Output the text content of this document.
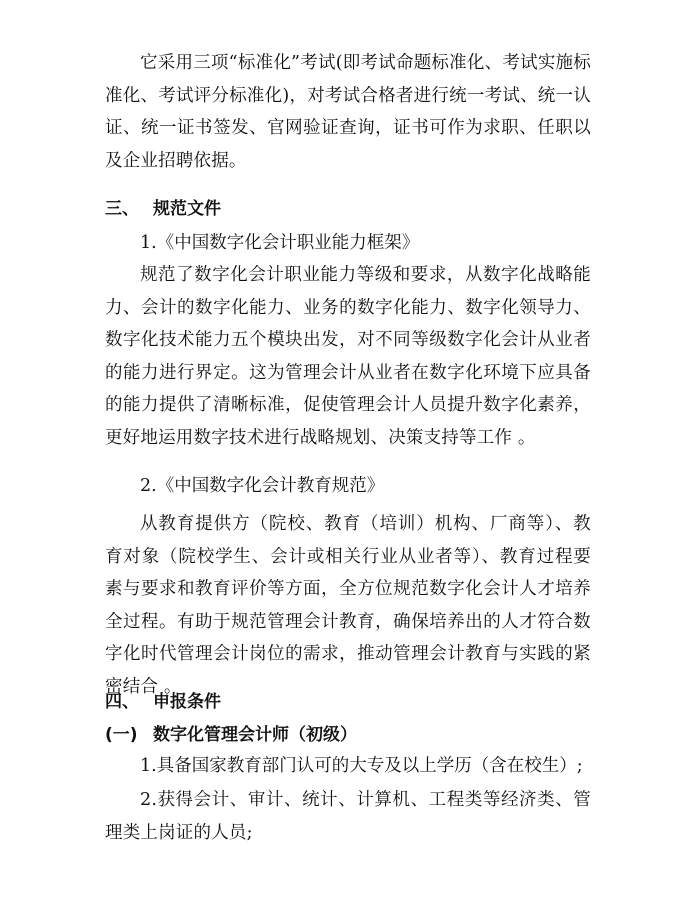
它采用三项“标准化”考试(即考试命题标准化、考试实施标准化、考试评分标准化)，对考试合格者进行统一考试、统一认证、统一证书签发、官网验证查询，证书可作为求职、任职以及企业招聘依据。

三、 规范文件

1.《中国数字化会计职业能力框架》

规范了数字化会计职业能力等级和要求，从数字化战略能力、会计的数字化能力、业务的数字化能力、数字化领导力、数字化技术能力五个模块出发，对不同等级数字化会计从业者的能力进行界定。这为管理会计从业者在数字化环境下应具备的能力提供了清晰标准，促使管理会计人员提升数字化素养，更好地运用数字技术进行战略规划、决策支持等工作 。

2.《中国数字化会计教育规范》

从教育提供方（院校、教育（培训）机构、厂商等）、教育对象（院校学生、会计或相关行业从业者等）、教育过程要素与要求和教育评价等方面，全方位规范数字化会计人才培养全过程。有助于规范管理会计教育，确保培养出的人才符合数字化时代管理会计岗位的需求，推动管理会计教育与实践的紧密结合 。

四、 申报条件
(一) 数字化管理会计师（初级）

1.具备国家教育部门认可的大专及以上学历（含在校生）;

2.获得会计、审计、统计、计算机、工程类等经济类、管理类上岗证的人员;
